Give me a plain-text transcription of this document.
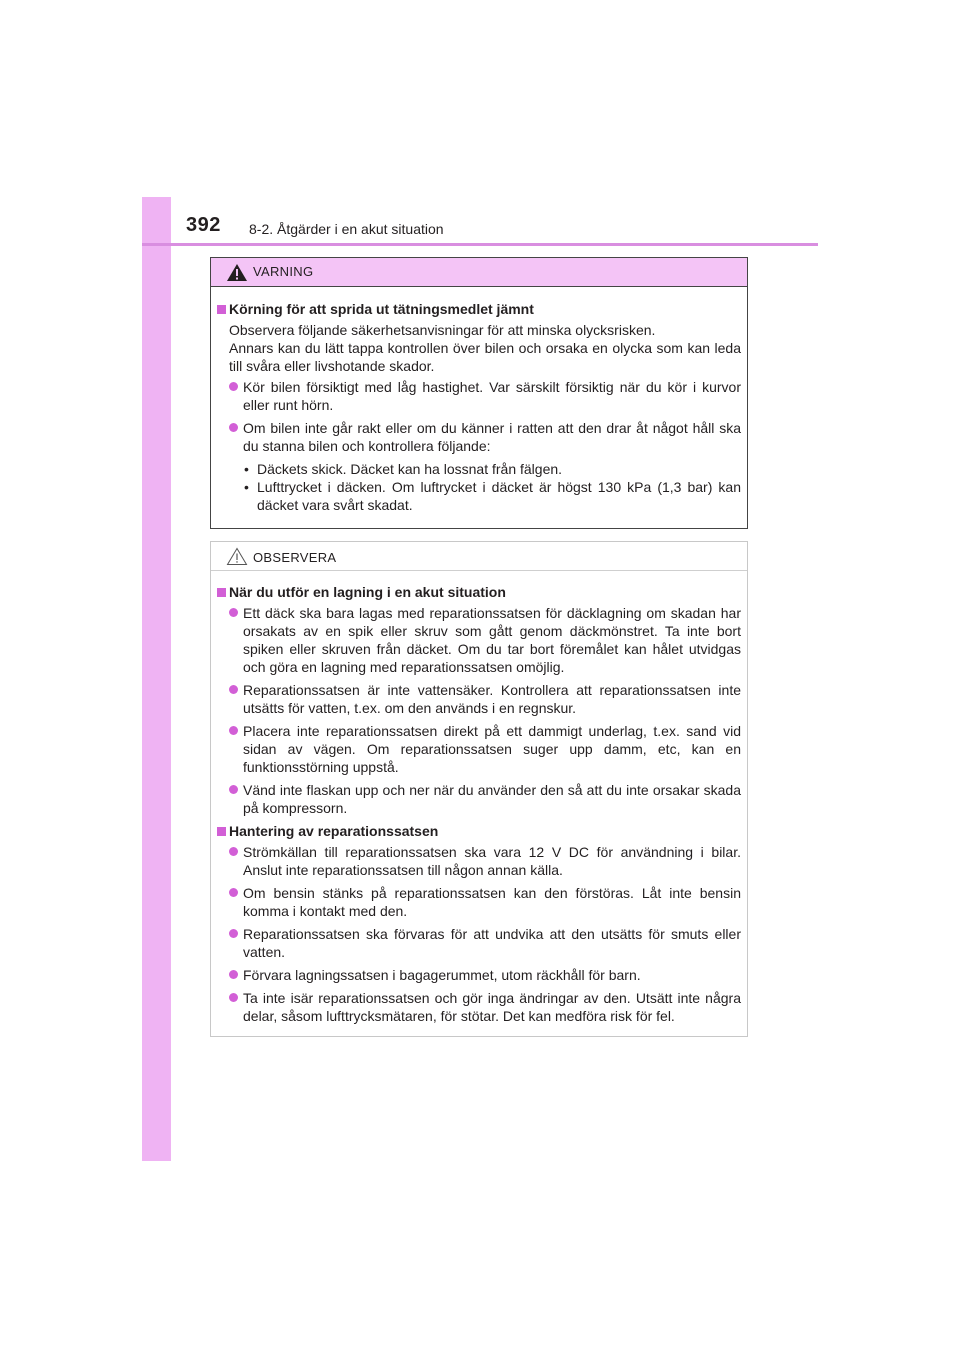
392 8-2. Åtgärder i en akut situation
VARNING
Körning för att sprida ut tätningsmedlet jämnt
Observera följande säkerhetsanvisningar för att minska olycksrisken.
Annars kan du lätt tappa kontrollen över bilen och orsaka en olycka som kan leda till svåra eller livshotande skador.
Kör bilen försiktigt med låg hastighet. Var särskilt försiktig när du kör i kurvor eller runt hörn.
Om bilen inte går rakt eller om du känner i ratten att den drar åt något håll ska du stanna bilen och kontrollera följande:
• Däckets skick. Däcket kan ha lossnat från fälgen.
• Lufttrycket i däcken. Om luftrycket i däcket är högst 130 kPa (1,3 bar) kan däcket vara svårt skadat.
OBSERVERA
När du utför en lagning i en akut situation
Ett däck ska bara lagas med reparationssatsen för däcklagning om skadan har orsakats av en spik eller skruv som gått genom däckmönstret. Ta inte bort spiken eller skruven från däcket. Om du tar bort föremålet kan hålet utvidgas och göra en lagning med reparationssatsen omöjlig.
Reparationssatsen är inte vattensäker. Kontrollera att reparationssatsen inte utsätts för vatten, t.ex. om den används i en regnskur.
Placera inte reparationssatsen direkt på ett dammigt underlag, t.ex. sand vid sidan av vägen. Om reparationssatsen suger upp damm, etc, kan en funktionsstörning uppstå.
Vänd inte flaskan upp och ner när du använder den så att du inte orsakar skada på kompressorn.
Hantering av reparationssatsen
Strömkällan till reparationssatsen ska vara 12 V DC för användning i bilar. Anslut inte reparationssatsen till någon annan källa.
Om bensin stänks på reparationssatsen kan den förstöras. Låt inte bensin komma i kontakt med den.
Reparationssatsen ska förvaras för att undvika att den utsätts för smuts eller vatten.
Förvara lagningssatsen i bagagerummet, utom räckhåll för barn.
Ta inte isär reparationssatsen och gör inga ändringar av den. Utsätt inte några delar, såsom lufttrycksmätaren, för stötar. Det kan medföra risk för fel.
